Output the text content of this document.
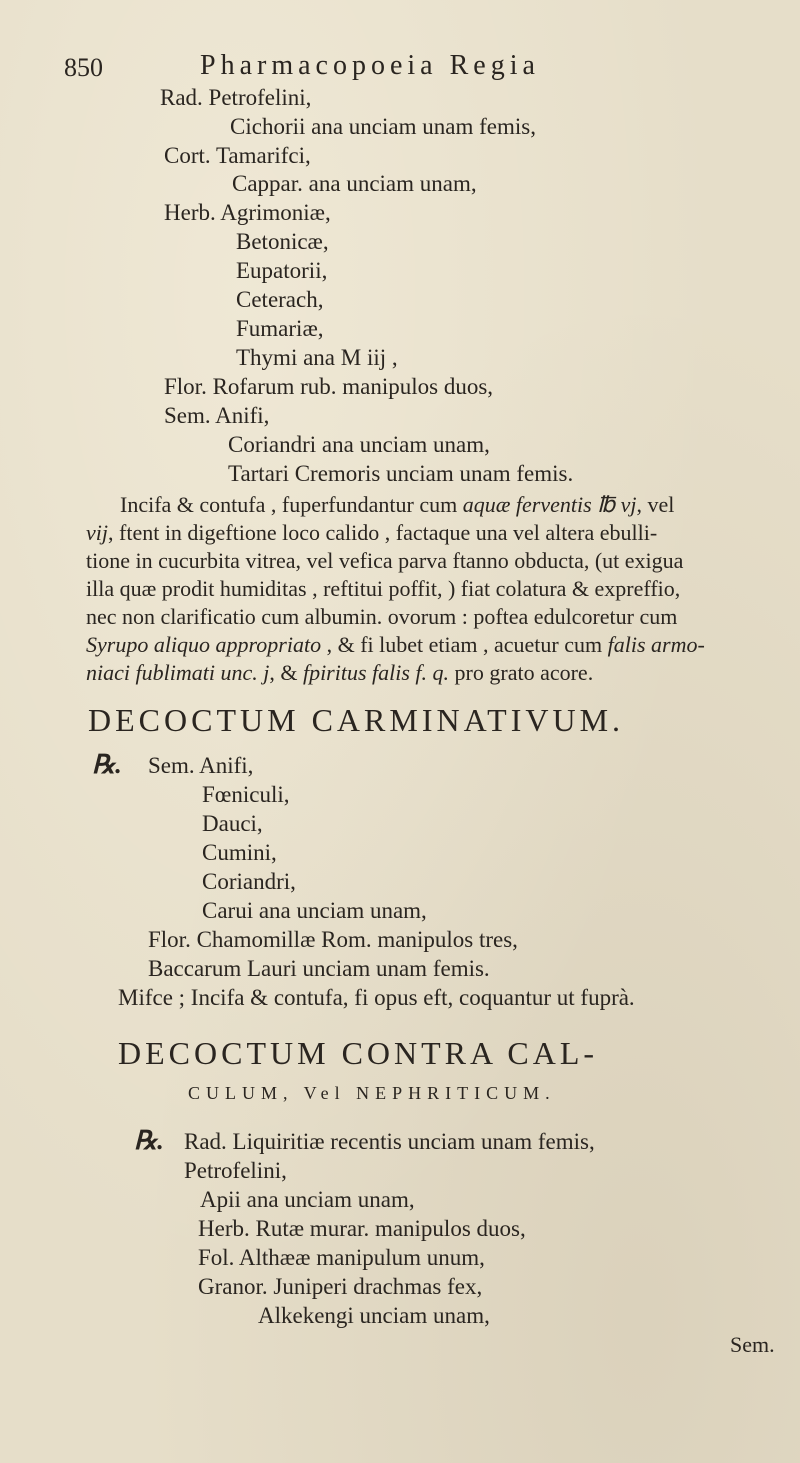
850	Pharmacopoeia Regia
Rad. Petrofelini,
Cichorii ana unciam unam femis,
Cort. Tamarifci,
Cappar. ana unciam unam,
Herb. Agrimoniæ,
Betonicæ,
Eupatorii,
Ceterach,
Fumariæ,
Thymi ana M iij ,
Flor. Rofarum rub. manipulos duos,
Sem. Anifi,
Coriandri ana unciam unam,
Tartari Cremoris unciam unam femis.
Incifa & contufa , fuperfundantur cum aquæ ferventis ℔ vj, vel
vij, ftent in digeftione loco calido , factaque una vel altera ebulli-
tione in cucurbita vitrea, vel vefica parva ftanno obducta, (ut exigua
illa quæ prodit humiditas , reftitui poffit, ) fiat colatura & expreffio,
nec non clarificatio cum albumin. ovorum : poftea edulcoretur cum
Syrupo aliquo appropriato , & fi lubet etiam , acuetur cum falis armo-
niaci fublimati unc. j, & fpiritus falis f. q. pro grato acore.
DECOCTUM CARMINATIVUM.
℞. Sem. Anifi,
Fœniculi,
Dauci,
Cumini,
Coriandri,
Carui ana unciam unam,
Flor. Chamomillæ Rom. manipulos tres,
Baccarum Lauri unciam unam femis.
Mifce ; Incifa & contufa, fi opus eft, coquantur ut fuprà.
DECOCTUM CONTRA CAL-
CULUM, Vel NEPHRITICUM.
℞. Rad. Liquiritiæ recentis unciam unam femis,
Petrofelini,
Apii ana unciam unam,
Herb. Rutæ murar. manipulos duos,
Fol. Althææ manipulum unum,
Granor. Juniperi drachmas fex,
Alkekengi unciam unam,
Sem.
